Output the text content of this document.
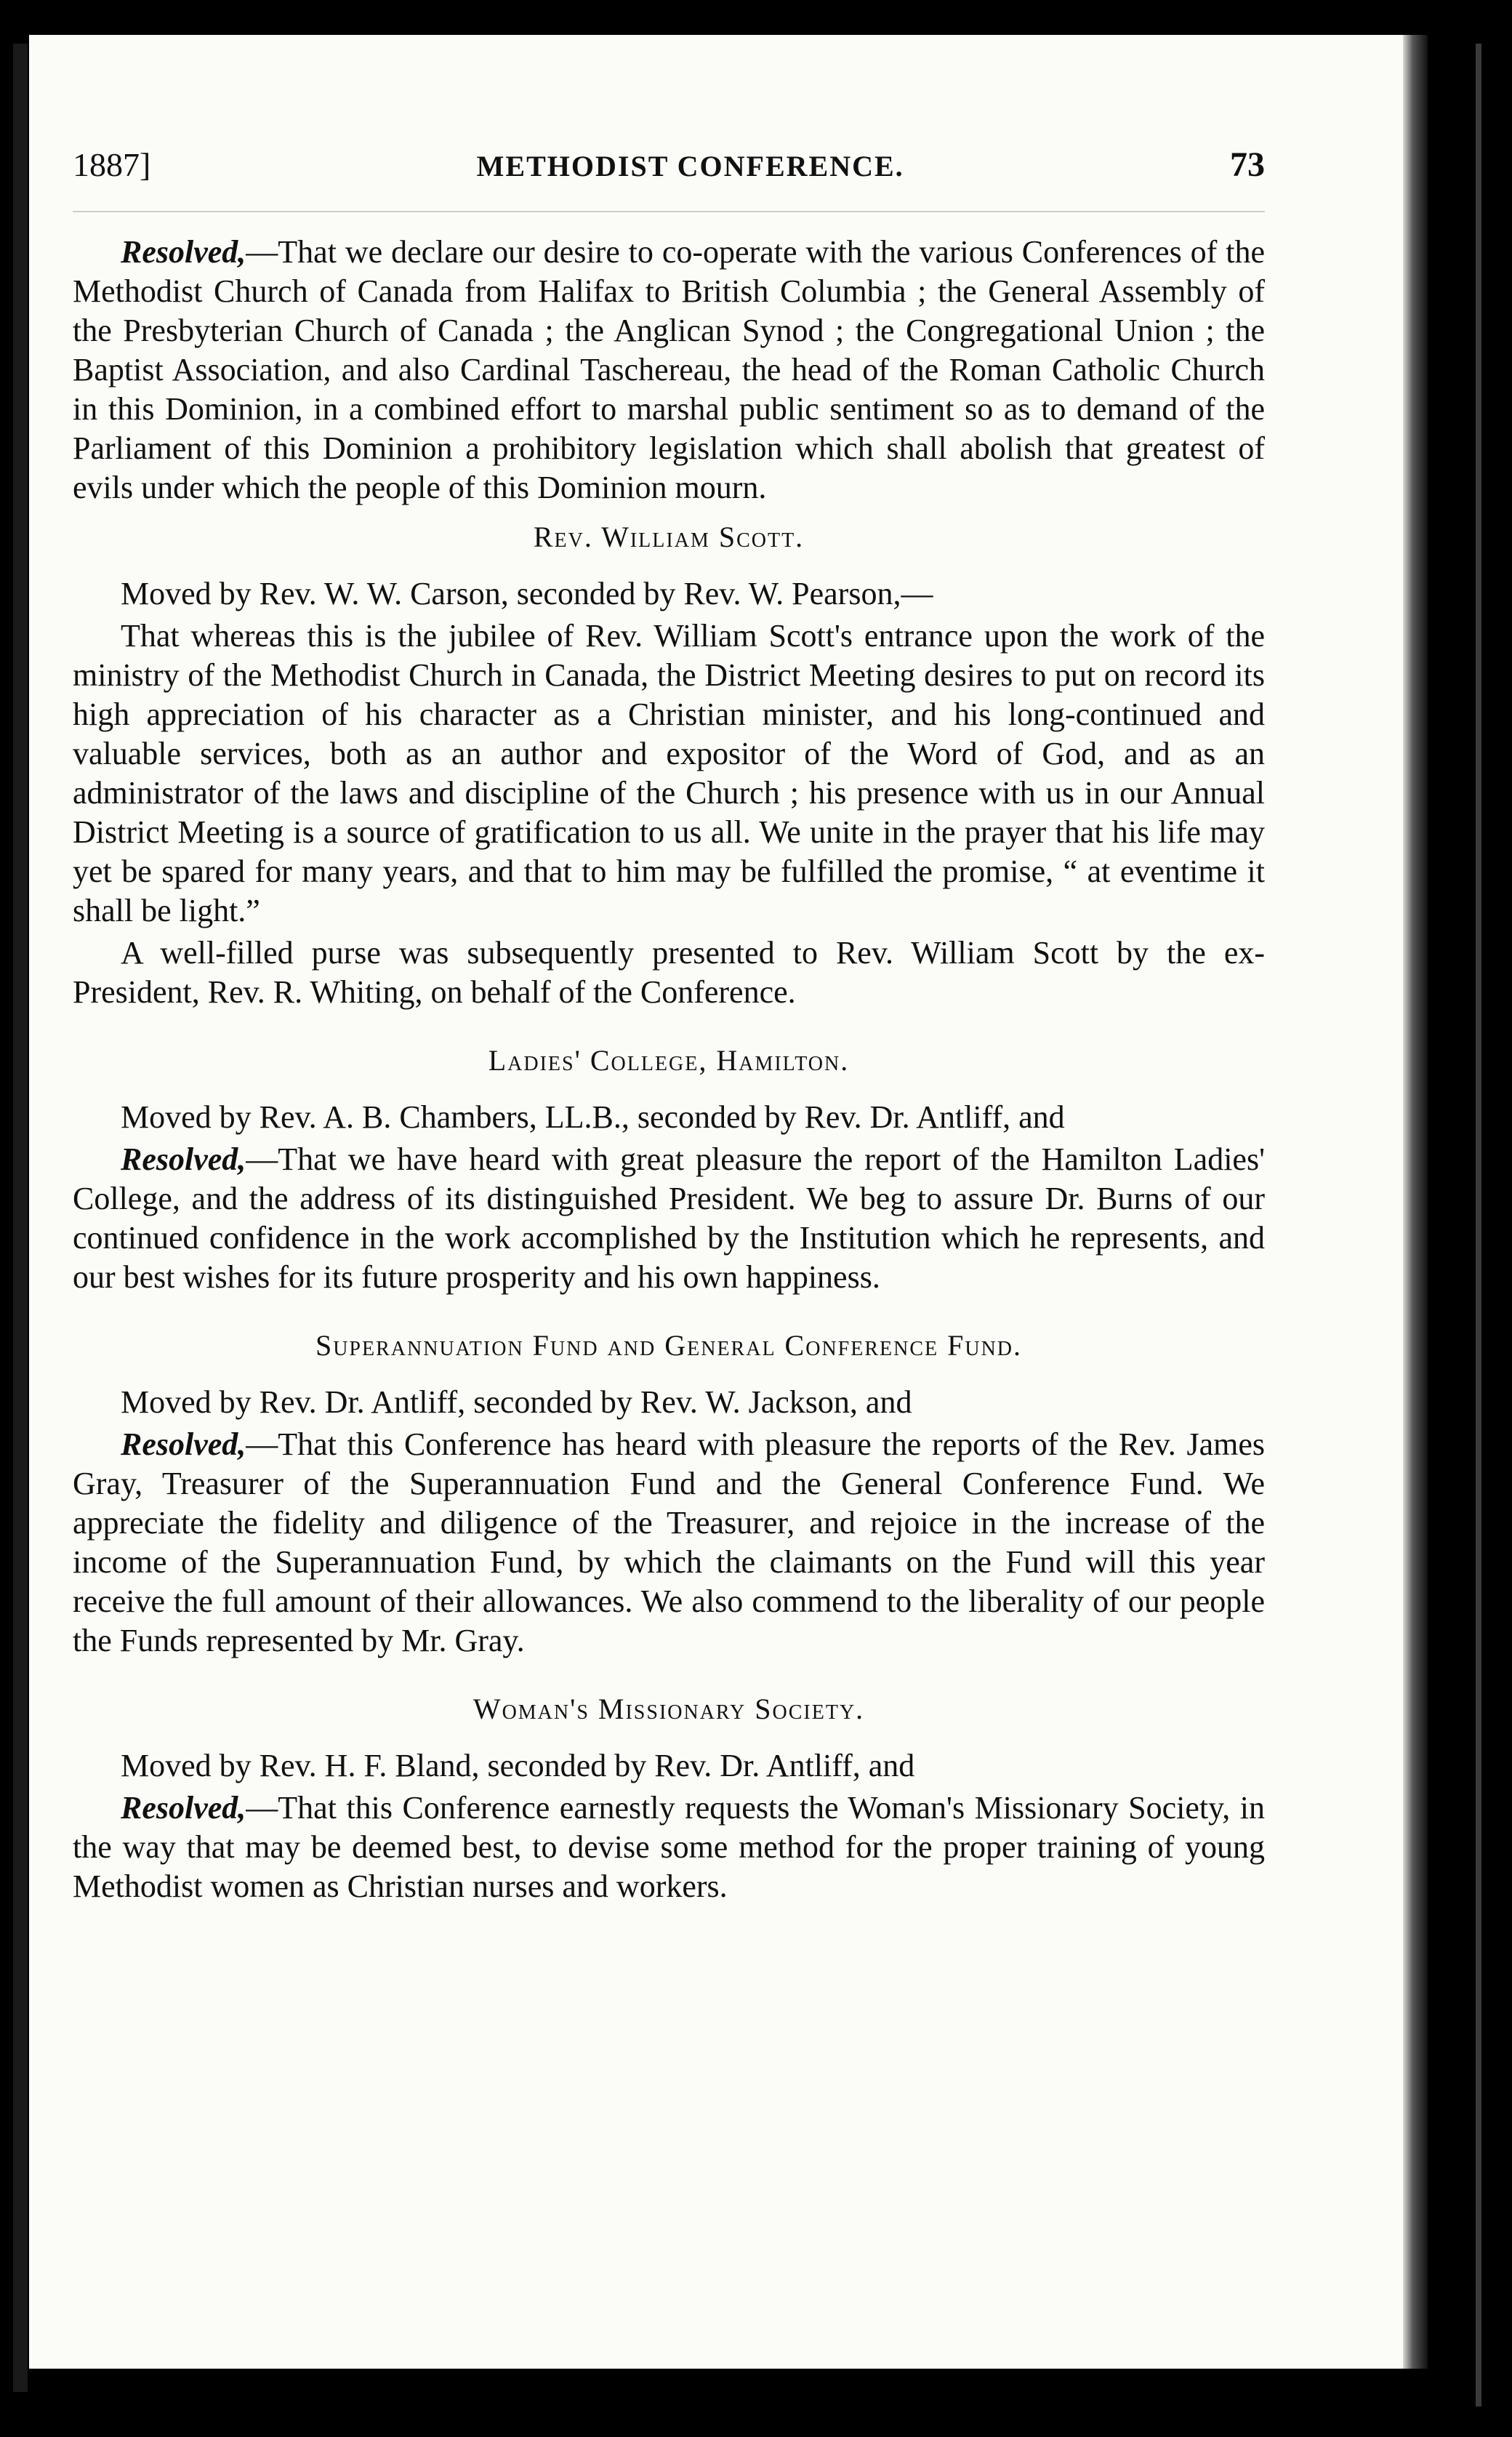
1887]	METHODIST CONFERENCE.	73

Resolved,—That we declare our desire to co-operate with the various Conferences of the Methodist Church of Canada from Halifax to British Columbia ; the General Assembly of the Presbyterian Church of Canada ; the Anglican Synod ; the Congregational Union ; the Baptist Association, and also Cardinal Taschereau, the head of the Roman Catholic Church in this Dominion, in a combined effort to marshal public sentiment so as to demand of the Parliament of this Dominion a prohibitory legislation which shall abolish that greatest of evils under which the people of this Dominion mourn.

Rev. William Scott.

Moved by Rev. W. W. Carson, seconded by Rev. W. Pearson,—

That whereas this is the jubilee of Rev. William Scott's entrance upon the work of the ministry of the Methodist Church in Canada, the District Meeting desires to put on record its high appreciation of his character as a Christian minister, and his long-continued and valuable services, both as an author and expositor of the Word of God, and as an administrator of the laws and discipline of the Church ; his presence with us in our Annual District Meeting is a source of gratification to us all. We unite in the prayer that his life may yet be spared for many years, and that to him may be fulfilled the promise, “ at eventime it shall be light.”

A well-filled purse was subsequently presented to Rev. William Scott by the ex-President, Rev. R. Whiting, on behalf of the Conference.

Ladies' College, Hamilton.

Moved by Rev. A. B. Chambers, LL.B., seconded by Rev. Dr. Antliff, and

Resolved,—That we have heard with great pleasure the report of the Hamilton Ladies' College, and the address of its distinguished President. We beg to assure Dr. Burns of our continued confidence in the work accomplished by the Institution which he represents, and our best wishes for its future prosperity and his own happiness.

Superannuation Fund and General Conference Fund.

Moved by Rev. Dr. Antliff, seconded by Rev. W. Jackson, and

Resolved,—That this Conference has heard with pleasure the reports of the Rev. James Gray, Treasurer of the Superannuation Fund and the General Conference Fund. We appreciate the fidelity and diligence of the Treasurer, and rejoice in the increase of the income of the Superannuation Fund, by which the claimants on the Fund will this year receive the full amount of their allowances. We also commend to the liberality of our people the Funds represented by Mr. Gray.

Woman's Missionary Society.

Moved by Rev. H. F. Bland, seconded by Rev. Dr. Antliff, and

Resolved,—That this Conference earnestly requests the Woman's Missionary Society, in the way that may be deemed best, to devise some method for the proper training of young Methodist women as Christian nurses and workers.
